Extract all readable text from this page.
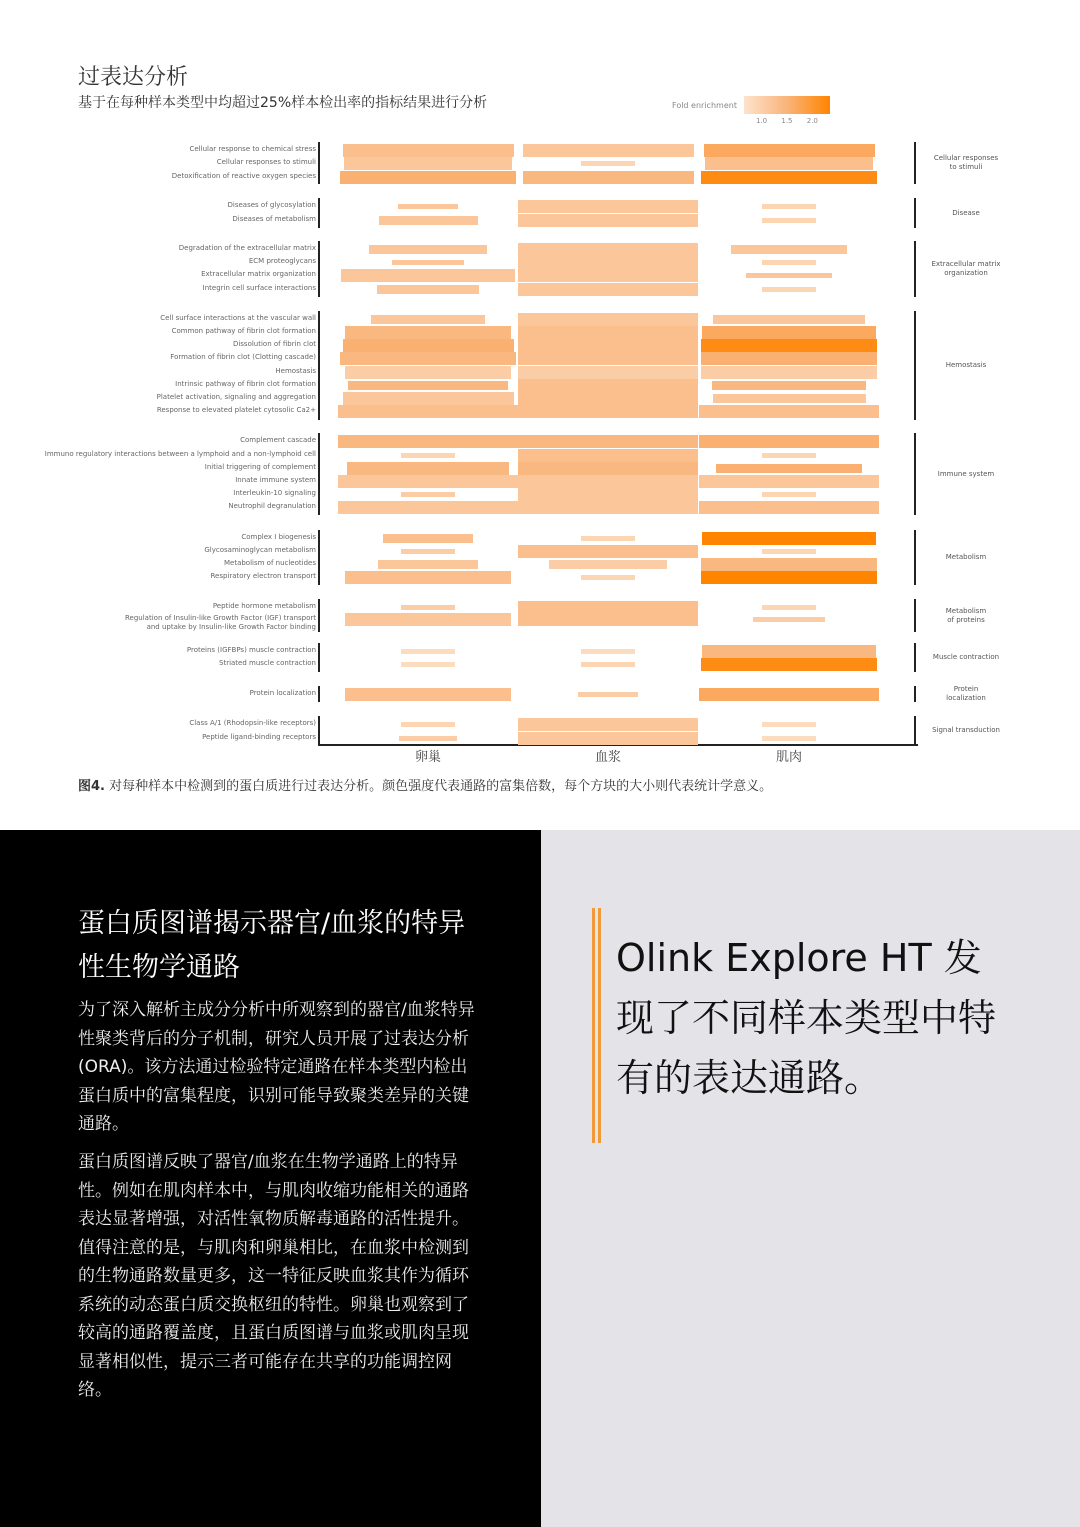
过表达分析
基于在每种样本类型中均超过25%样本检出率的指标结果进行分析	Fold enrichment
1.0 1.5 2.0
Cellular response to chemical stress
Cellular responses to stimuli
Detoxification of reactive oxygen species
Diseases of glycosylation
Diseases of metabolism
Degradation of the extracellular matrix
ECM proteoglycans
Extracellular matrix organization
Integrin cell surface interactions
Cell surface interactions at the vascular wall
Common pathway of fibrin clot formation
Dissolution of fibrin clot
Formation of fibrin clot (Clotting cascade)
Hemostasis
Intrinsic pathway of fibrin clot formation
Platelet activation, signaling and aggregation
Response to elevated platelet cytosolic Ca2+
Complement cascade
Immuno regulatory interactions between a lymphoid and a non-lymphoid cell
Initial triggering of complement
Innate immune system
Interleukin-10 signaling
Neutrophil degranulation
Complex I biogenesis
Glycosaminoglycan metabolism
Metabolism of nucleotides
Respiratory electron transport
Peptide hormone metabolism
Regulation of Insulin-like Growth Factor (IGF) transport
and uptake by Insulin-like Growth Factor binding
Proteins (IGFBPs) muscle contraction
Striated muscle contraction
Protein localization
Class A/1 (Rhodopsin-like receptors)
Peptide ligand-binding receptors
Cellular responses
to stimuli
Disease
Extracellular matrix
organization
Hemostasis
Immune system
Metabolism
Metabolism
of proteins
Muscle contraction
Protein
localization
Signal transduction
卵巢	血浆	肌肉
图4. 对每种样本中检测到的蛋白质进行过表达分析。颜色强度代表通路的富集倍数，每个方块的大小则代表统计学意义。
蛋白质图谱揭示器官/血浆的特异性生物学通路
为了深入解析主成分分析中所观察到的器官/血浆特异性聚类背后的分子机制，研究人员开展了过表达分析(ORA)。该方法通过检验特定通路在样本类型内检出蛋白质中的富集程度，识别可能导致聚类差异的关键通路。
蛋白质图谱反映了器官/血浆在生物学通路上的特异性。例如在肌肉样本中，与肌肉收缩功能相关的通路表达显著增强，对活性氧物质解毒通路的活性提升。值得注意的是，与肌肉和卵巢相比，在血浆中检测到的生物通路数量更多，这一特征反映血浆其作为循环系统的动态蛋白质交换枢纽的特性。卵巢也观察到了较高的通路覆盖度，且蛋白质图谱与血浆或肌肉呈现显著相似性，提示三者可能存在共享的功能调控网络。
Olink Explore HT 发现了不同样本类型中特有的表达通路。
